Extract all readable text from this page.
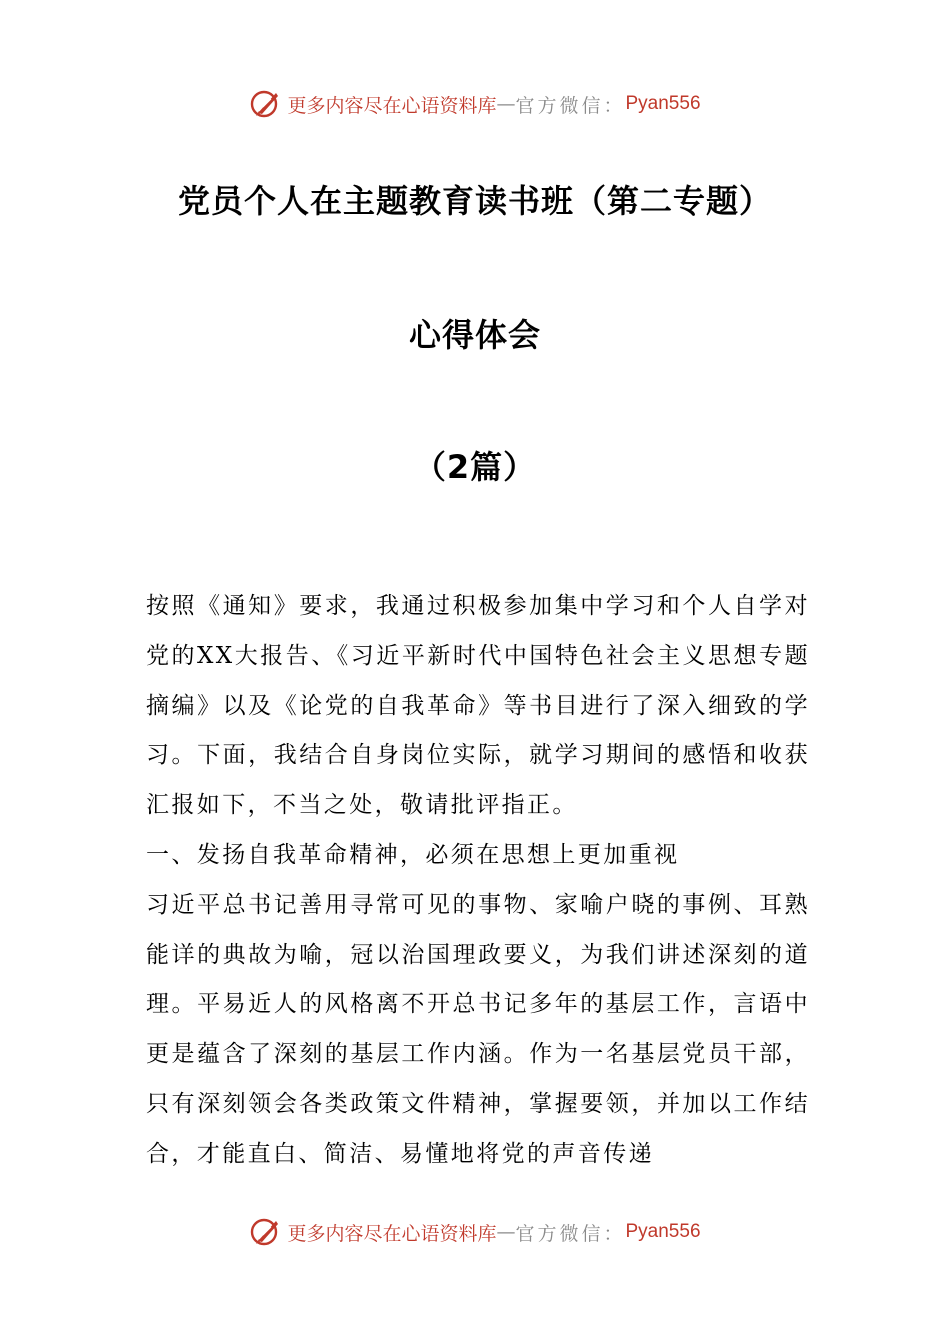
更多内容尽在心语资料库 — 官方微信： Pyan556
党员个人在主题教育读书班（第二专题）
心得体会
（2篇）

按照《通知》要求，我通过积极参加集中学习和个人自学对党的XX大报告、《习近平新时代中国特色社会主义思想专题摘编》以及《论党的自我革命》等书目进行了深入细致的学习。下面，我结合自身岗位实际，就学习期间的感悟和收获汇报如下，不当之处，敬请批评指正。

一、发扬自我革命精神，必须在思想上更加重视

习近平总书记善用寻常可见的事物、家喻户晓的事例、耳熟能详的典故为喻，冠以治国理政要义，为我们讲述深刻的道理。平易近人的风格离不开总书记多年的基层工作，言语中更是蕴含了深刻的基层工作内涵。作为一名基层党员干部，只有深刻领会各类政策文件精神，掌握要领，并加以工作结合，才能直白、简洁、易懂地将党的声音传递

更多内容尽在心语资料库 — 官方微信： Pyan556
